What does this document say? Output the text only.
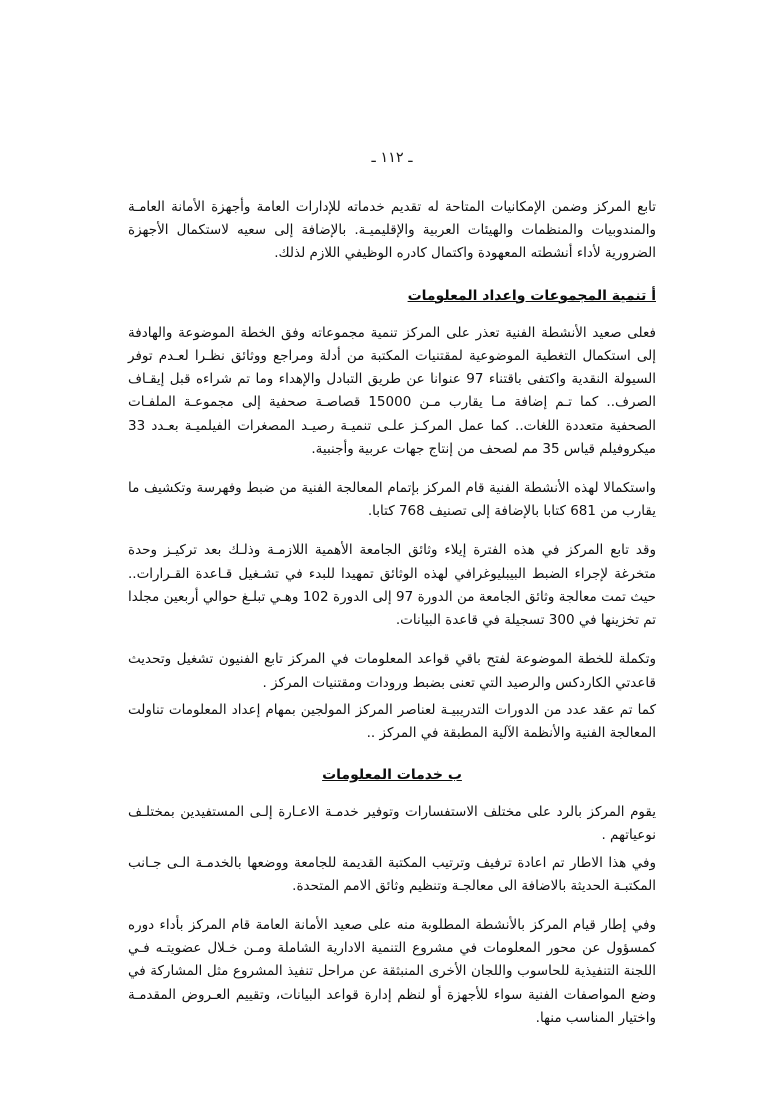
ـ ١١٢ ـ

تابع المركز وضمن الإمكانيات المتاحة له تقديم خدماته للإدارات العامة وأجهزة الأمانة العامـة والمندوبيات والمنظمات والهيئات العربية والإقليميـة. بالإضافة إلى سعيه لاستكمال الأجهزة الضرورية لأداء أنشطته المعهودة واكتمال كادره الوظيفي اللازم لذلك.

أ تنمية المجموعات واعداد المعلومات

فعلى صعيد الأنشطة الفنية تعذر على المركز تنمية مجموعاته وفق الخطة الموضوعة والهادفة إلى استكمال التغطية الموضوعية لمقتنيات المكتبة من أدلة ومراجع ووثائق نظـرا لعـدم توفر السيولة النقدية واكتفى باقتناء 97 عنوانا عن طريق التبادل والإهداء وما تم شراءه قبل إيقـاف الصرف.. كما تـم إضافة مـا يقارب مـن 15000 قصاصـة صحفية إلى مجموعـة الملفـات الصحفية متعددة اللغات.. كما عمل المركـز علـى تنميـة رصيـد المصغرات الفيلميـة بعـدد 33 ميكروفيلم قياس 35 مم لصحف من إنتاج جهات عربية وأجنبية.

واستكمالا لهذه الأنشطة الفنية قام المركز بإتمام المعالجة الفنية من ضبط وفهرسة وتكشيف ما يقارب من 681 كتابا بالإضافة إلى تصنيف 768 كتابا.

وقد تابع المركز في هذه الفترة إيلاء وثائق الجامعة الأهمية اللازمـة وذلـك بعد تركيـز وحدة متخرغة لإجراء الضبط البيبليوغرافي لهذه الوثائق تمهيدا للبدء في تشـغيل قـاعدة القـرارات.. حيث تمت معالجة وثائق الجامعة من الدورة 97 إلى الدورة 102 وهـي تبلـغ حوالي أربعين مجلدا تم تخزينها في 300 تسجيلة في قاعدة البيانات.

وتكملة للخطة الموضوعة لفتح باقي قواعد المعلومات في المركز تابع الفنيون تشغيل وتحديث قاعدتي الكاردكس والرصيد التي تعنى بضبط ورودات ومقتنيات المركز .

كما تم عقد عدد من الدورات التدريبيـة لعناصر المركز المولجين بمهام إعداد المعلومات تناولت المعالجة الفنية والأنظمة الآلية المطبقة في المركز ..

ب خدمات المعلومات

يقوم المركز بالرد على مختلف الاستفسارات وتوفير خدمـة الاعـارة إلـى المستفيدين بمختلـف نوعياتهم .

وفي هذا الاطار تم اعادة ترفيف وترتيب المكتبة القديمة للجامعة ووضعها بالخدمـة الـى جـانب المكتبـة الحديثة بالاضافة الى معالجـة وتنظيم وثائق الامم المتحدة.

وفي إطار قيام المركز بالأنشطة المطلوبة منه على صعيد الأمانة العامة قام المركز بأداء دوره كمسؤول عن محور المعلومات في مشروع التنمية الادارية الشاملة ومـن خـلال عضويتـه فـي اللجنة التنفيذية للحاسوب واللجان الأخرى المنبثقة عن مراحل تنفيذ المشروع مثل المشاركة في وضع المواصفات الفنية سواء للأجهزة أو لنظم إدارة قواعد البيانات، وتقييم العـروض المقدمـة واختيار المناسب منها.
